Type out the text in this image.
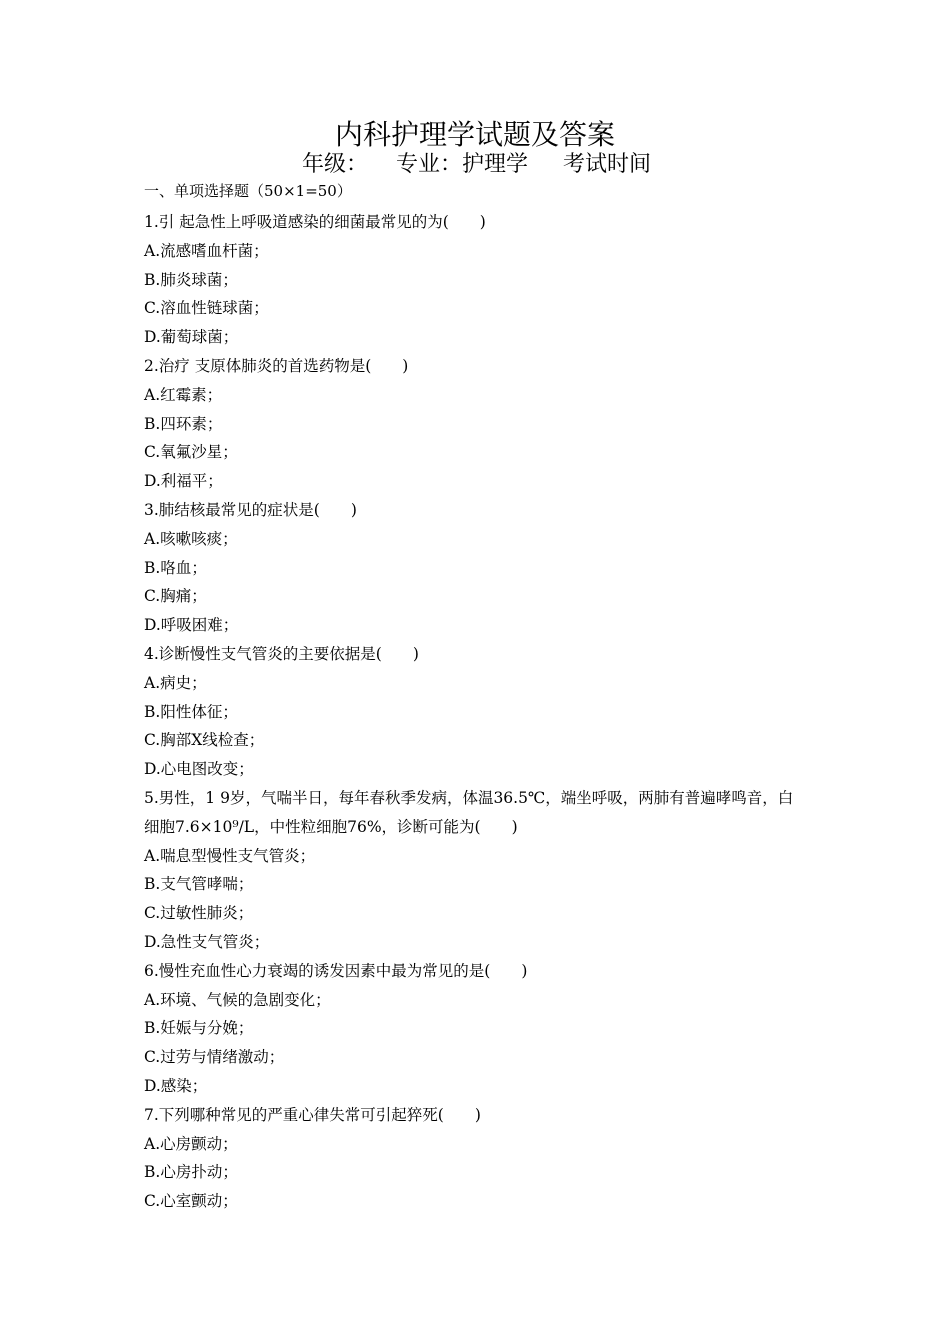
内科护理学试题及答案
年级：    专业：护理学     考试时间
一、单项选择题（50×1=50）
1.引 起急性上呼吸道感染的细菌最常见的为(　　)
A.流感嗜血杆菌；
B.肺炎球菌；
C.溶血性链球菌；
D.葡萄球菌；
2.治疗 支原体肺炎的首选药物是(　　)
A.红霉素；
B.四环素；
C.氧氟沙星；
D.利福平；
3.肺结核最常见的症状是(　　)
A.咳嗽咳痰；
B.咯血；
C.胸痛；
D.呼吸困难；
4.诊断慢性支气管炎的主要依据是(　　)
A.病史；
B.阳性体征；
C.胸部X线检查；
D.心电图改变；
5.男性，1 9岁，气喘半日，每年春秋季发病，体温36.5℃，端坐呼吸，两肺有普遍哮鸣音，白
细胞7.6×10⁹/L，中性粒细胞76%，诊断可能为(　　)
A.喘息型慢性支气管炎；
B.支气管哮喘；
C.过敏性肺炎；
D.急性支气管炎；
6.慢性充血性心力衰竭的诱发因素中最为常见的是(　　)
A.环境、气候的急剧变化；
B.妊娠与分娩；
C.过劳与情绪激动；
D.感染；
7.下列哪种常见的严重心律失常可引起猝死(　　)
A.心房颤动；
B.心房扑动；
C.心室颤动；
